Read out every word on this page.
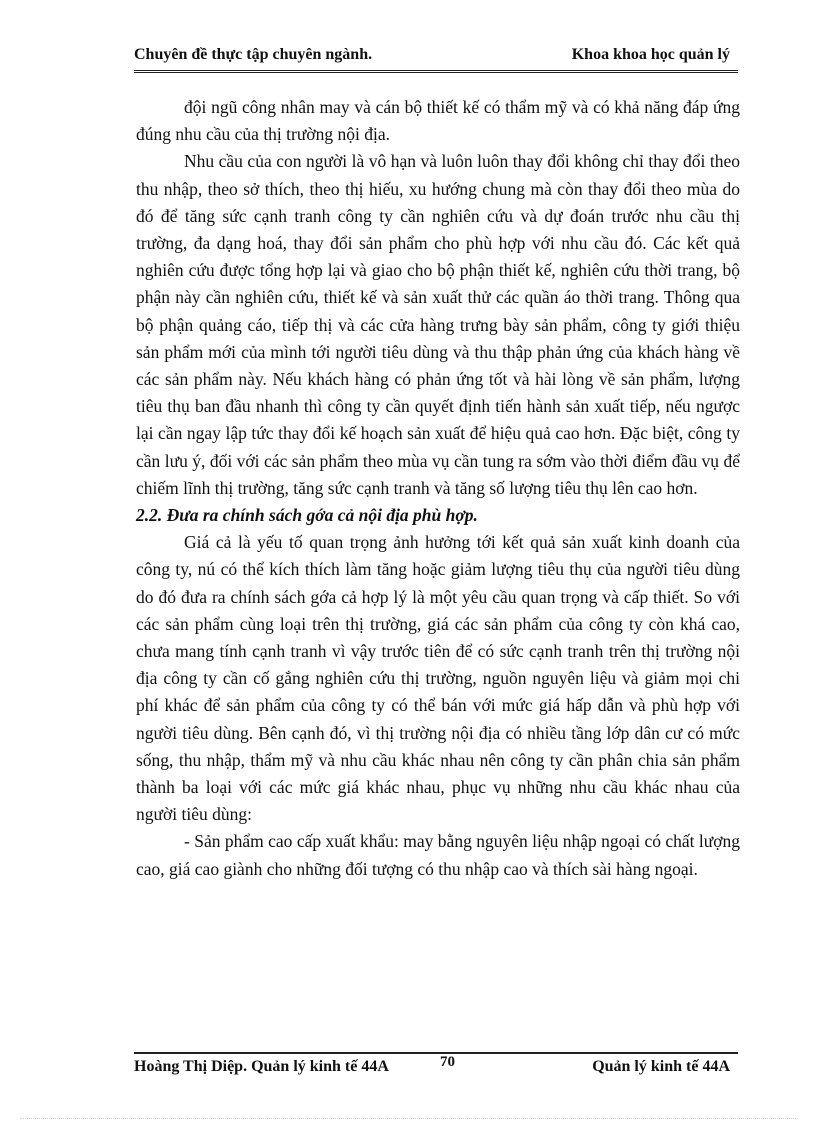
Chuyên đề thực tập chuyên ngành.	Khoa khoa học quản lý

đội ngũ công nhân may và cán bộ thiết kế có thẩm mỹ và có khả năng đáp ứng đúng nhu cầu của thị trường nội địa.

Nhu cầu của con người là vô hạn và luôn luôn thay đổi không chỉ thay đổi theo thu nhập, theo sở thích, theo thị hiếu, xu hướng chung mà còn thay đổi theo mùa do đó để tăng sức cạnh tranh công ty cần nghiên cứu và dự đoán trước nhu cầu thị trường, đa dạng hoá, thay đổi sản phẩm cho phù hợp với nhu cầu đó. Các kết quả nghiên cứu được tổng hợp lại và giao cho bộ phận thiết kế, nghiên cứu thời trang, bộ phận này cần nghiên cứu, thiết kế và sản xuất thử các quần áo thời trang. Thông qua bộ phận quảng cáo, tiếp thị và các cửa hàng trưng bày sản phẩm, công ty giới thiệu sản phẩm mới của mình tới người tiêu dùng và thu thập phản ứng của khách hàng về các sản phẩm này. Nếu khách hàng có phản ứng tốt và hài lòng về sản phẩm, lượng tiêu thụ ban đầu nhanh thì công ty cần quyết định tiến hành sản xuất tiếp, nếu ngược lại cần ngay lập tức thay đổi kế hoạch sản xuất để hiệu quả cao hơn. Đặc biệt, công ty cần lưu ý, đối với các sản phẩm theo mùa vụ cần tung ra sớm vào thời điểm đầu vụ để chiếm lĩnh thị trường, tăng sức cạnh tranh và tăng số lượng tiêu thụ lên cao hơn.

2.2. Đưa ra chính sách gớa cả nội địa phù hợp.

Giá cả là yếu tố quan trọng ảnh hưởng tới kết quả sản xuất kinh doanh của công ty, nú có thể kích thích làm tăng hoặc giảm lượng tiêu thụ của người tiêu dùng do đó đưa ra chính sách gớa cả hợp lý là một yêu cầu quan trọng và cấp thiết. So với các sản phẩm cùng loại trên thị trường, giá các sản phẩm của công ty còn khá cao, chưa mang tính cạnh tranh vì vậy trước tiên để có sức cạnh tranh trên thị trường nội địa công ty cần cố gắng nghiên cứu thị trường, nguồn nguyên liệu và giảm mọi chi phí khác để sản phẩm của công ty có thể bán với mức giá hấp dẫn và phù hợp với người tiêu dùng. Bên cạnh đó, vì thị trường nội địa có nhiều tầng lớp dân cư có mức sống, thu nhập, thẩm mỹ và nhu cầu khác nhau nên công ty cần phân chia sản phẩm thành ba loại với các mức giá khác nhau, phục vụ những nhu cầu khác nhau của người tiêu dùng:

- Sản phẩm cao cấp xuất khẩu: may bằng nguyên liệu nhập ngoại có chất lượng cao, giá cao giành cho những đối tượng có thu nhập cao và thích sài hàng ngoại.

Hoàng Thị Diệp. Quản lý kinh tế 44A	70	Quản lý kinh tế 44A
